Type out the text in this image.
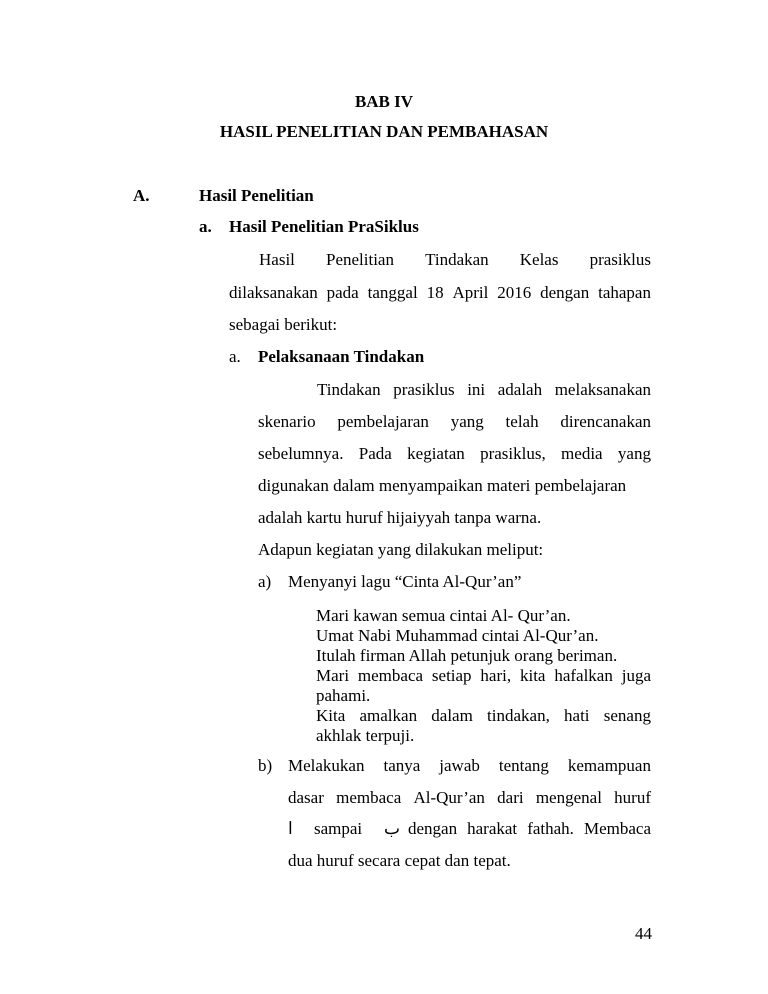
BAB IV
HASIL PENELITIAN DAN PEMBAHASAN
A.	Hasil Penelitian
a. Hasil Penelitian PraSiklus
Hasil Penelitian Tindakan Kelas prasiklus
dilaksanakan pada tanggal 18 April 2016 dengan tahapan
sebagai berikut:
a. Pelaksanaan Tindakan
Tindakan prasiklus ini adalah melaksanakan
skenario pembelajaran yang telah direncanakan
sebelumnya. Pada kegiatan prasiklus, media yang
digunakan dalam menyampaikan materi pembelajaran
adalah kartu huruf hijaiyyah tanpa warna.
Adapun kegiatan yang dilakukan meliput:
a) Menyanyi lagu “Cinta Al-Qur’an”
Mari kawan semua cintai Al- Qur’an.
Umat Nabi Muhammad cintai Al-Qur’an.
Itulah firman Allah petunjuk orang beriman.
Mari membaca setiap hari, kita hafalkan juga
pahami.
Kita amalkan dalam tindakan, hati senang
akhlak terpuji.
b) Melakukan tanya jawab tentang kemampuan
dasar membaca Al-Qur’an dari mengenal huruf
ا sampai ب dengan harakat fathah. Membaca
dua huruf secara cepat dan tepat.
44
